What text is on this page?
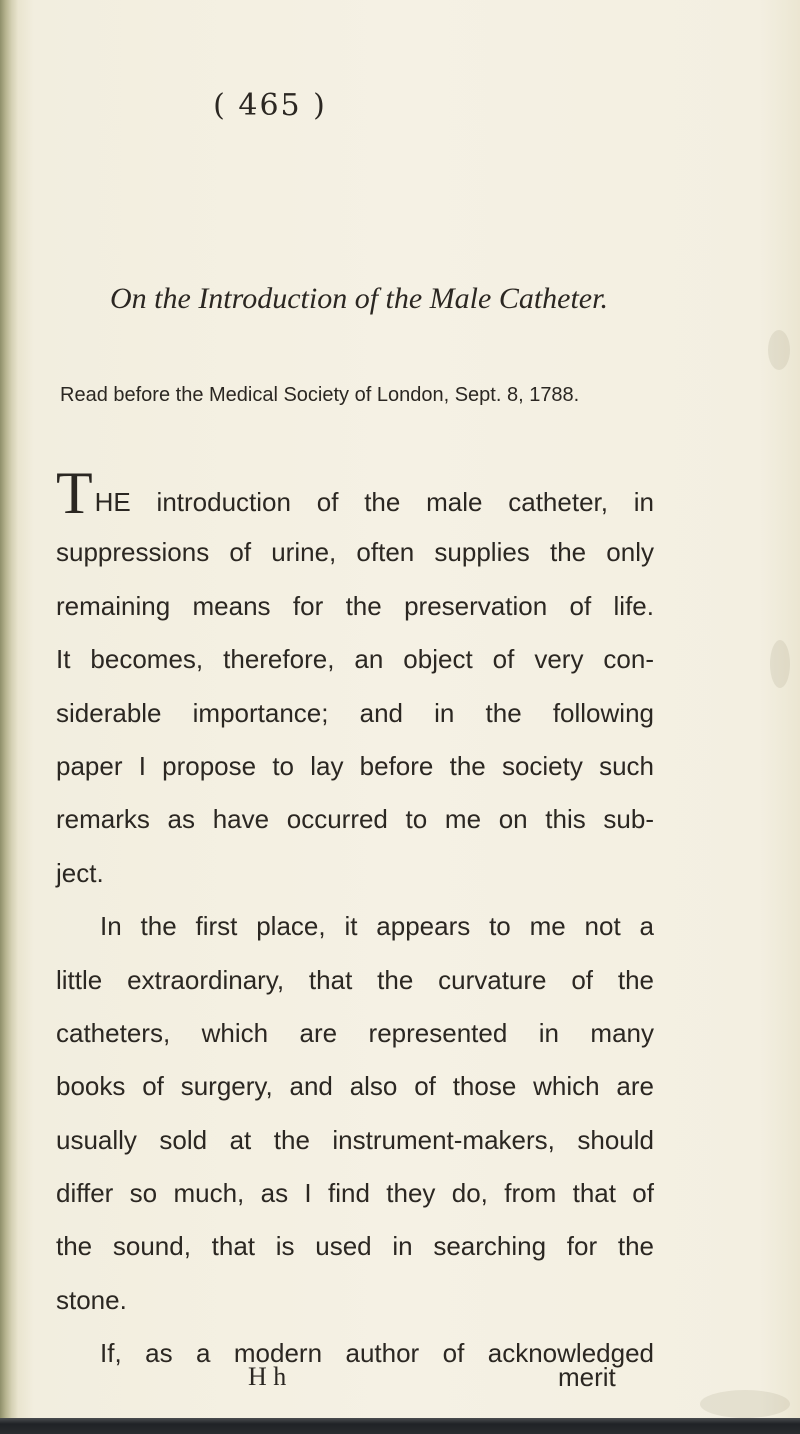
( 465 )
On the Introduction of the Male Catheter.
Read before the Medical Society of London, Sept. 8, 1788.
THE introduction of the male catheter, in
suppressions of urine, often supplies the only
remaining means for the preservation of life.
It becomes, therefore, an object of very con-
siderable importance; and in the following
paper I propose to lay before the society such
remarks as have occurred to me on this sub-
ject.
In the first place, it appears to me not a
little extraordinary, that the curvature of the
catheters, which are represented in many
books of surgery, and also of those which are
usually sold at the instrument-makers, should
differ so much, as I find they do, from that of
the sound, that is used in searching for the
stone.
If, as a modern author of acknowledged
H h	merit
